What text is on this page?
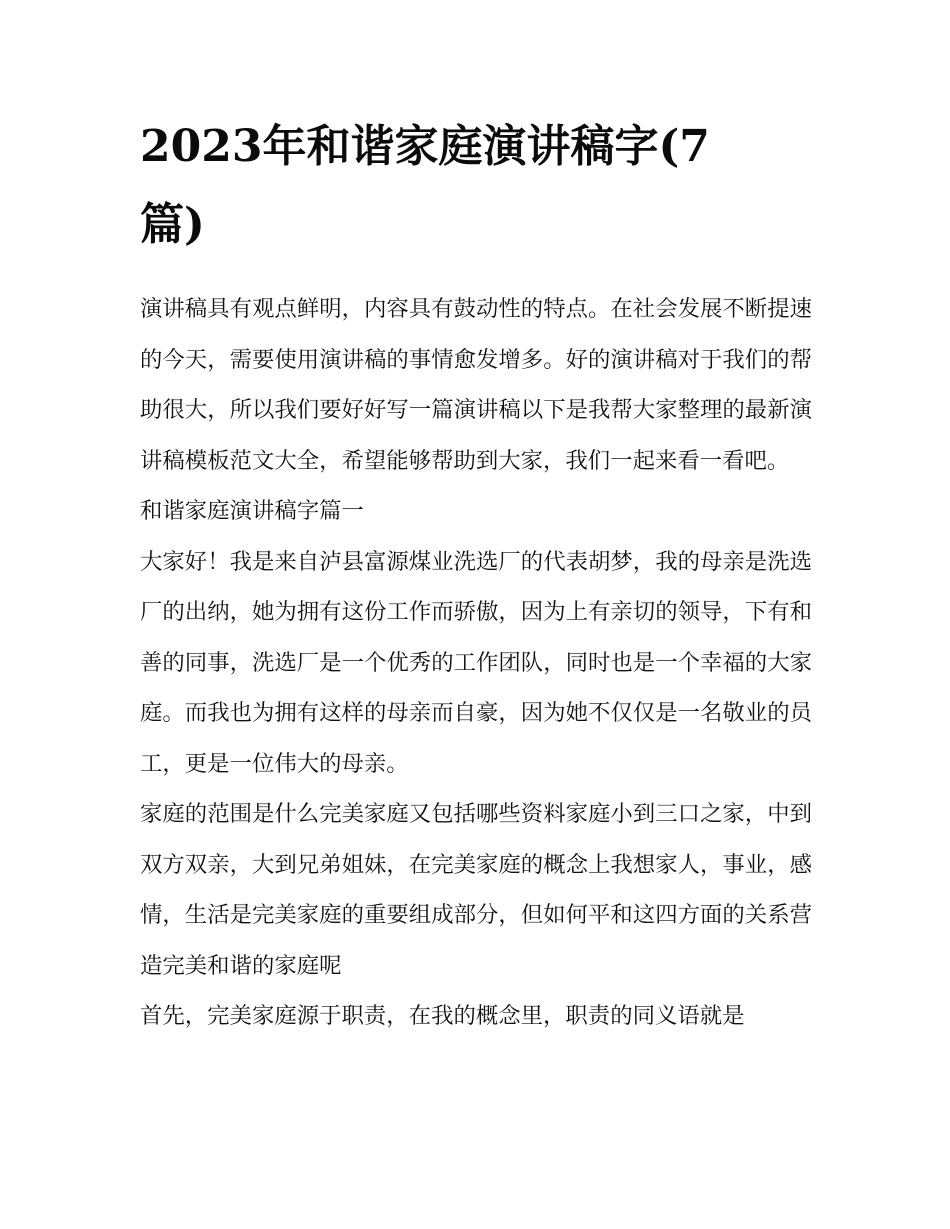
2023年和谐家庭演讲稿字(7
篇)

演讲稿具有观点鲜明，内容具有鼓动性的特点。在社会发展不断提速的今天，需要使用演讲稿的事情愈发增多。好的演讲稿对于我们的帮助很大，所以我们要好好写一篇演讲稿以下是我帮大家整理的最新演讲稿模板范文大全，希望能够帮助到大家，我们一起来看一看吧。

和谐家庭演讲稿字篇一

大家好！我是来自泸县富源煤业洗选厂的代表胡梦，我的母亲是洗选厂的出纳，她为拥有这份工作而骄傲，因为上有亲切的领导，下有和善的同事，洗选厂是一个优秀的工作团队，同时也是一个幸福的大家庭。而我也为拥有这样的母亲而自豪，因为她不仅仅是一名敬业的员工，更是一位伟大的母亲。

家庭的范围是什么完美家庭又包括哪些资料家庭小到三口之家，中到双方双亲，大到兄弟姐妹，在完美家庭的概念上我想家人，事业，感情，生活是完美家庭的重要组成部分，但如何平和这四方面的关系营造完美和谐的家庭呢

首先，完美家庭源于职责，在我的概念里，职责的同义语就是
